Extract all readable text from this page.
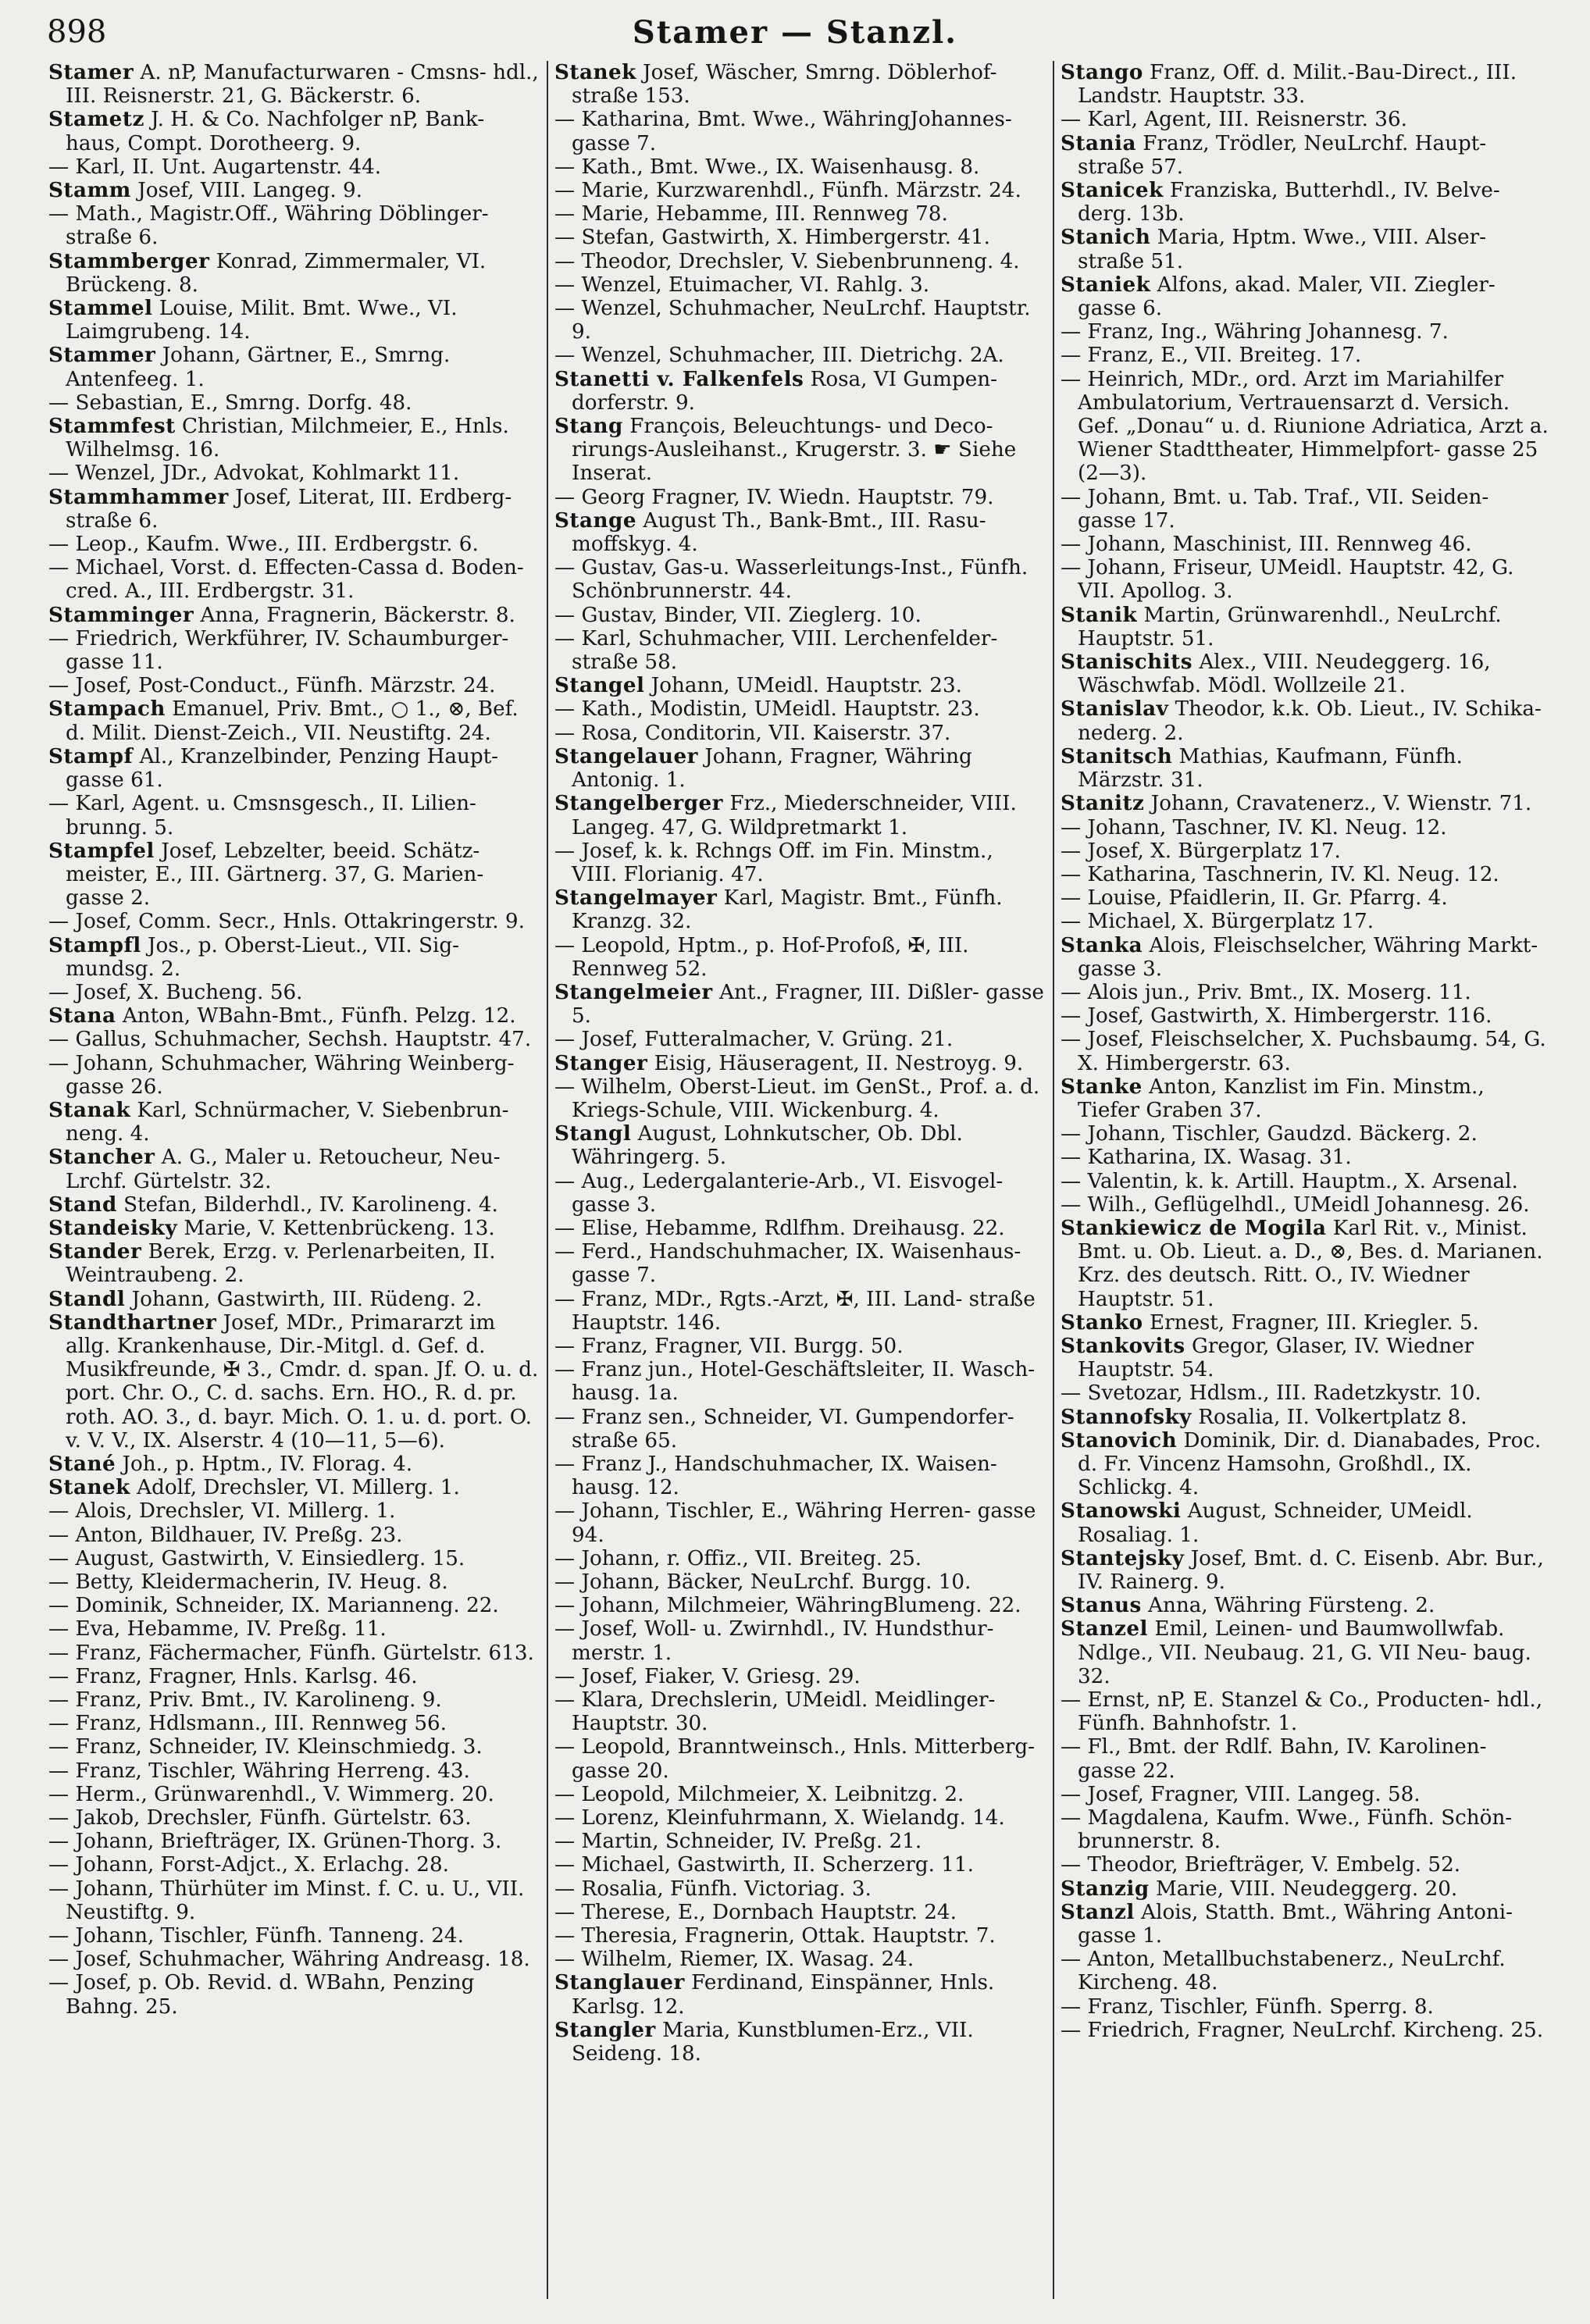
898	Stamer — Stanzl.
Stamer A. nP, Manufacturwaren - Cmsns- hdl., III. Reisnerstr. 21, G. Bäckerstr. 6.
Stametz J. H. & Co. Nachfolger nP, Bank- haus, Compt. Dorotheerg. 9.
— Karl, II. Unt. Augartenstr. 44.
Stamm Josef, VIII. Langeg. 9.
— Math., Magistr.Off., Währing Döblinger- straße 6.
Stammberger Konrad, Zimmermaler, VI. Brückeng. 8.
Stammel Louise, Milit. Bmt. Wwe., VI. Laimgrubeng. 14.
Stammer Johann, Gärtner, E., Smrng. Antenfeeg. 1.
— Sebastian, E., Smrng. Dorfg. 48.
Stammfest Christian, Milchmeier, E., Hnls. Wilhelmsg. 16.
— Wenzel, JDr., Advokat, Kohlmarkt 11.
Stammhammer Josef, Literat, III. Erdberg- straße 6.
— Leop., Kaufm. Wwe., III. Erdbergstr. 6.
— Michael, Vorst. d. Effecten-Cassa d. Boden- cred. A., III. Erdbergstr. 31.
Stamminger Anna, Fragnerin, Bäckerstr. 8.
— Friedrich, Werkführer, IV. Schaumburger- gasse 11.
— Josef, Post-Conduct., Fünfh. Märzstr. 24.
Stampach Emanuel, Priv. Bmt., ○ 1., ⊗, Bef. d. Milit. Dienst-Zeich., VII. Neustiftg. 24.
Stampf Al., Kranzelbinder, Penzing Haupt- gasse 61.
— Karl, Agent. u. Cmsnsgesch., II. Lilien- brunng. 5.
Stampfel Josef, Lebzelter, beeid. Schätz- meister, E., III. Gärtnerg. 37, G. Marien- gasse 2.
— Josef, Comm. Secr., Hnls. Ottakringerstr. 9.
Stampfl Jos., p. Oberst-Lieut., VII. Sig- mundsg. 2.
— Josef, X. Bucheng. 56.
Stana Anton, WBahn-Bmt., Fünfh. Pelzg. 12.
— Gallus, Schuhmacher, Sechsh. Hauptstr. 47.
— Johann, Schuhmacher, Währing Weinberg- gasse 26.
Stanak Karl, Schnürmacher, V. Siebenbrun- neng. 4.
Stancher A. G., Maler u. Retoucheur, Neu- Lrchf. Gürtelstr. 32.
Stand Stefan, Bilderhdl., IV. Karolineng. 4.
Standeisky Marie, V. Kettenbrückeng. 13.
Stander Berek, Erzg. v. Perlenarbeiten, II. Weintraubeng. 2.
Standl Johann, Gastwirth, III. Rüdeng. 2.
Standthartner Josef, MDr., Primararzt im allg. Krankenhause, Dir.-Mitgl. d. Gef. d. Musikfreunde, ✠ 3., Cmdr. d. span. Jf. O. u. d. port. Chr. O., C. d. sachs. Ern. HO., R. d. pr. roth. AO. 3., d. bayr. Mich. O. 1. u. d. port. O. v. V. V., IX. Alserstr. 4 (10—11, 5—6).
Stané Joh., p. Hptm., IV. Florag. 4.
Stanek Adolf, Drechsler, VI. Millerg. 1.
— Alois, Drechsler, VI. Millerg. 1.
— Anton, Bildhauer, IV. Preßg. 23.
— August, Gastwirth, V. Einsiedlerg. 15.
— Betty, Kleidermacherin, IV. Heug. 8.
— Dominik, Schneider, IX. Marianneng. 22.
— Eva, Hebamme, IV. Preßg. 11.
— Franz, Fächermacher, Fünfh. Gürtelstr. 613.
— Franz, Fragner, Hnls. Karlsg. 46.
— Franz, Priv. Bmt., IV. Karolineng. 9.
— Franz, Hdlsmann., III. Rennweg 56.
— Franz, Schneider, IV. Kleinschmiedg. 3.
— Franz, Tischler, Währing Herreng. 43.
— Herm., Grünwarenhdl., V. Wimmerg. 20.
— Jakob, Drechsler, Fünfh. Gürtelstr. 63.
— Johann, Briefträger, IX. Grünen-Thorg. 3.
— Johann, Forst-Adjct., X. Erlachg. 28.
— Johann, Thürhüter im Minst. f. C. u. U., VII. Neustiftg. 9.
— Johann, Tischler, Fünfh. Tanneng. 24.
— Josef, Schuhmacher, Währing Andreasg. 18.
— Josef, p. Ob. Revid. d. WBahn, Penzing Bahng. 25.
Stanek Josef, Wäscher, Smrng. Döblerhof- straße 153.
— Katharina, Bmt. Wwe., WähringJohannes- gasse 7.
— Kath., Bmt. Wwe., IX. Waisenhausg. 8.
— Marie, Kurzwarenhdl., Fünfh. Märzstr. 24.
— Marie, Hebamme, III. Rennweg 78.
— Stefan, Gastwirth, X. Himbergerstr. 41.
— Theodor, Drechsler, V. Siebenbrunneng. 4.
— Wenzel, Etuimacher, VI. Rahlg. 3.
— Wenzel, Schuhmacher, NeuLrchf. Hauptstr. 9.
— Wenzel, Schuhmacher, III. Dietrichg. 2A.
Stanetti v. Falkenfels Rosa, VI Gumpen- dorferstr. 9.
Stang François, Beleuchtungs- und Deco- rirungs-Ausleihanst., Krugerstr. 3. ☛ Siehe Inserat.
— Georg Fragner, IV. Wiedn. Hauptstr. 79.
Stange August Th., Bank-Bmt., III. Rasu- moffskyg. 4.
— Gustav, Gas-u. Wasserleitungs-Inst., Fünfh. Schönbrunnerstr. 44.
— Gustav, Binder, VII. Zieglerg. 10.
— Karl, Schuhmacher, VIII. Lerchenfelder- straße 58.
Stangel Johann, UMeidl. Hauptstr. 23.
— Kath., Modistin, UMeidl. Hauptstr. 23.
— Rosa, Conditorin, VII. Kaiserstr. 37.
Stangelauer Johann, Fragner, Währing Antonig. 1.
Stangelberger Frz., Miederschneider, VIII. Langeg. 47, G. Wildpretmarkt 1.
— Josef, k. k. Rchngs Off. im Fin. Minstm., VIII. Florianig. 47.
Stangelmayer Karl, Magistr. Bmt., Fünfh. Kranzg. 32.
— Leopold, Hptm., p. Hof-Profoß, ✠, III. Rennweg 52.
Stangelmeier Ant., Fragner, III. Dißler- gasse 5.
— Josef, Futteralmacher, V. Grüng. 21.
Stanger Eisig, Häuseragent, II. Nestroyg. 9.
— Wilhelm, Oberst-Lieut. im GenSt., Prof. a. d. Kriegs-Schule, VIII. Wickenburg. 4.
Stangl August, Lohnkutscher, Ob. Dbl. Währingerg. 5.
— Aug., Ledergalanterie-Arb., VI. Eisvogel- gasse 3.
— Elise, Hebamme, Rdlfhm. Dreihausg. 22.
— Ferd., Handschuhmacher, IX. Waisenhaus- gasse 7.
— Franz, MDr., Rgts.-Arzt, ✠, III. Land- straße Hauptstr. 146.
— Franz, Fragner, VII. Burgg. 50.
— Franz jun., Hotel-Geschäftsleiter, II. Wasch- hausg. 1a.
— Franz sen., Schneider, VI. Gumpendorfer- straße 65.
— Franz J., Handschuhmacher, IX. Waisen- hausg. 12.
— Johann, Tischler, E., Währing Herren- gasse 94.
— Johann, r. Offiz., VII. Breiteg. 25.
— Johann, Bäcker, NeuLrchf. Burgg. 10.
— Johann, Milchmeier, WähringBlumeng. 22.
— Josef, Woll- u. Zwirnhdl., IV. Hundsthur- merstr. 1.
— Josef, Fiaker, V. Griesg. 29.
— Klara, Drechslerin, UMeidl. Meidlinger- Hauptstr. 30.
— Leopold, Branntweinsch., Hnls. Mitterberg- gasse 20.
— Leopold, Milchmeier, X. Leibnitzg. 2.
— Lorenz, Kleinfuhrmann, X. Wielandg. 14.
— Martin, Schneider, IV. Preßg. 21.
— Michael, Gastwirth, II. Scherzerg. 11.
— Rosalia, Fünfh. Victoriag. 3.
— Therese, E., Dornbach Hauptstr. 24.
— Theresia, Fragnerin, Ottak. Hauptstr. 7.
— Wilhelm, Riemer, IX. Wasag. 24.
Stanglauer Ferdinand, Einspänner, Hnls. Karlsg. 12.
Stangler Maria, Kunstblumen-Erz., VII. Seideng. 18.
Stango Franz, Off. d. Milit.-Bau-Direct., III. Landstr. Hauptstr. 33.
— Karl, Agent, III. Reisnerstr. 36.
Stania Franz, Trödler, NeuLrchf. Haupt- straße 57.
Stanicek Franziska, Butterhdl., IV. Belve- derg. 13b.
Stanich Maria, Hptm. Wwe., VIII. Alser- straße 51.
Staniek Alfons, akad. Maler, VII. Ziegler- gasse 6.
— Franz, Ing., Währing Johannesg. 7.
— Franz, E., VII. Breiteg. 17.
— Heinrich, MDr., ord. Arzt im Mariahilfer Ambulatorium, Vertrauensarzt d. Versich. Gef. „Donau“ u. d. Riunione Adriatica, Arzt a. Wiener Stadttheater, Himmelpfort- gasse 25 (2—3).
— Johann, Bmt. u. Tab. Traf., VII. Seiden- gasse 17.
— Johann, Maschinist, III. Rennweg 46.
— Johann, Friseur, UMeidl. Hauptstr. 42, G. VII. Apollog. 3.
Stanik Martin, Grünwarenhdl., NeuLrchf. Hauptstr. 51.
Stanischits Alex., VIII. Neudeggerg. 16, Wäschwfab. Mödl. Wollzeile 21.
Stanislav Theodor, k.k. Ob. Lieut., IV. Schika- nederg. 2.
Stanitsch Mathias, Kaufmann, Fünfh. Märzstr. 31.
Stanitz Johann, Cravatenerz., V. Wienstr. 71.
— Johann, Taschner, IV. Kl. Neug. 12.
— Josef, X. Bürgerplatz 17.
— Katharina, Taschnerin, IV. Kl. Neug. 12.
— Louise, Pfaidlerin, II. Gr. Pfarrg. 4.
— Michael, X. Bürgerplatz 17.
Stanka Alois, Fleischselcher, Währing Markt- gasse 3.
— Alois jun., Priv. Bmt., IX. Moserg. 11.
— Josef, Gastwirth, X. Himbergerstr. 116.
— Josef, Fleischselcher, X. Puchsbaumg. 54, G. X. Himbergerstr. 63.
Stanke Anton, Kanzlist im Fin. Minstm., Tiefer Graben 37.
— Johann, Tischler, Gaudzd. Bäckerg. 2.
— Katharina, IX. Wasag. 31.
— Valentin, k. k. Artill. Hauptm., X. Arsenal.
— Wilh., Geflügelhdl., UMeidl Johannesg. 26.
Stankiewicz de Mogila Karl Rit. v., Minist. Bmt. u. Ob. Lieut. a. D., ⊗, Bes. d. Marianen. Krz. des deutsch. Ritt. O., IV. Wiedner Hauptstr. 51.
Stanko Ernest, Fragner, III. Kriegler. 5.
Stankovits Gregor, Glaser, IV. Wiedner Hauptstr. 54.
— Svetozar, Hdlsm., III. Radetzkystr. 10.
Stannofsky Rosalia, II. Volkertplatz 8.
Stanovich Dominik, Dir. d. Dianabades, Proc. d. Fr. Vincenz Hamsohn, Großhdl., IX. Schlickg. 4.
Stanowski August, Schneider, UMeidl. Rosaliag. 1.
Stantejsky Josef, Bmt. d. C. Eisenb. Abr. Bur., IV. Rainerg. 9.
Stanus Anna, Währing Fürsteng. 2.
Stanzel Emil, Leinen- und Baumwollwfab. Ndlge., VII. Neubaug. 21, G. VII Neu- baug. 32.
— Ernst, nP, E. Stanzel & Co., Producten- hdl., Fünfh. Bahnhofstr. 1.
— Fl., Bmt. der Rdlf. Bahn, IV. Karolinen- gasse 22.
— Josef, Fragner, VIII. Langeg. 58.
— Magdalena, Kaufm. Wwe., Fünfh. Schön- brunnerstr. 8.
— Theodor, Briefträger, V. Embelg. 52.
Stanzig Marie, VIII. Neudeggerg. 20.
Stanzl Alois, Statth. Bmt., Währing Antoni- gasse 1.
— Anton, Metallbuchstabenerz., NeuLrchf. Kircheng. 48.
— Franz, Tischler, Fünfh. Sperrg. 8.
— Friedrich, Fragner, NeuLrchf. Kircheng. 25.
